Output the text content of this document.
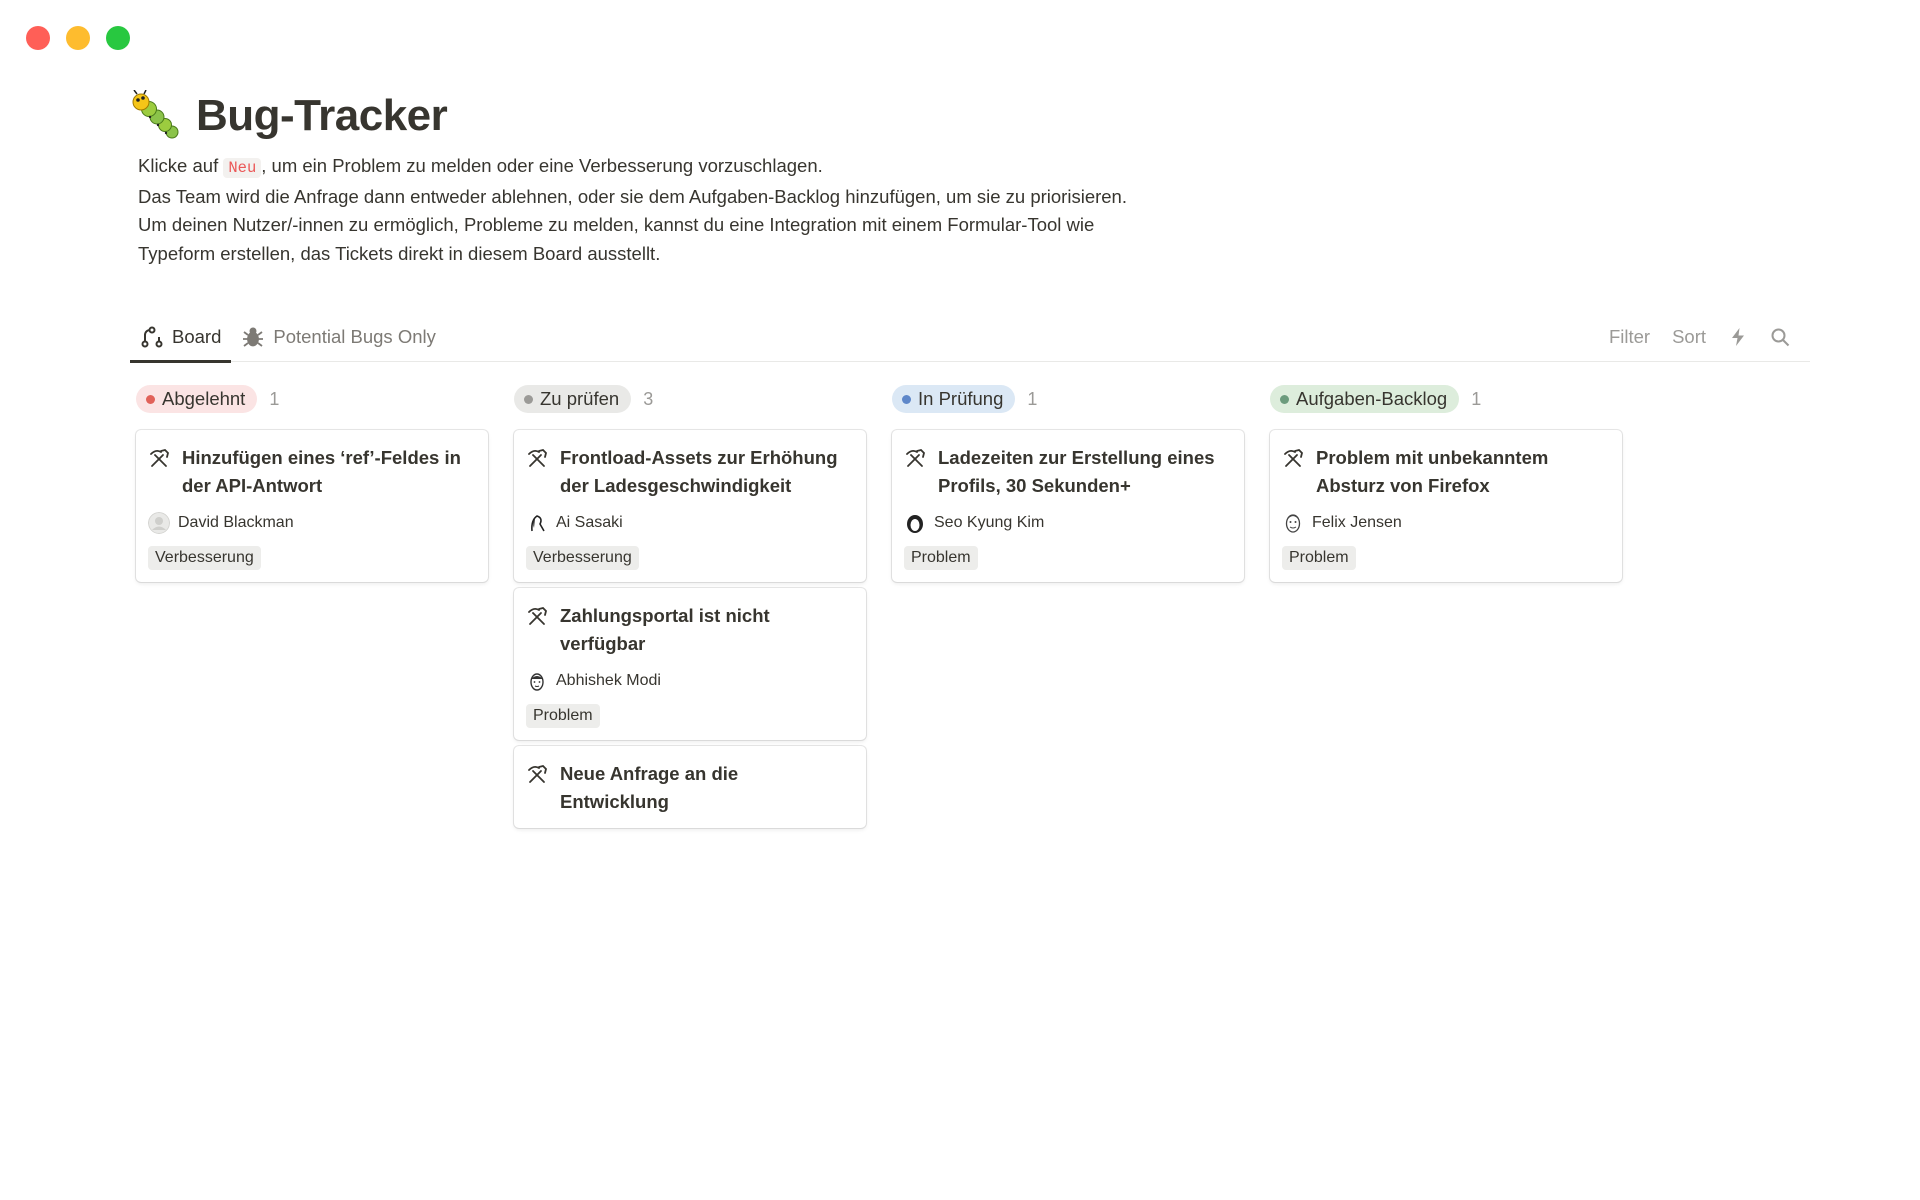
Bug-Tracker

Klicke auf Neu , um ein Problem zu melden oder eine Verbesserung vorzuschlagen.

Das Team wird die Anfrage dann entweder ablehnen, oder sie dem Aufgaben-Backlog hinzufügen, um sie zu priorisieren.

Um deinen Nutzer/-innen zu ermöglich, Probleme zu melden, kannst du eine Integration mit einem Formular-Tool wie Typeform erstellen, das Tickets direkt in diesem Board ausstellt.

Board	Potential Bugs Only	Filter Sort
Abgelehnt 1
Hinzufügen eines ‘ref’-Feldes in der API-Antwort
David Blackman
Verbesserung
Zu prüfen 3
Frontload-Assets zur Erhöhung der Ladesgeschwindigkeit
Ai Sasaki
Verbesserung
Zahlungsportal ist nicht verfügbar
Abhishek Modi
Problem
Neue Anfrage an die Entwicklung
In Prüfung 1
Ladezeiten zur Erstellung eines Profils, 30 Sekunden+
Seo Kyung Kim
Problem
Aufgaben-Backlog 1
Problem mit unbekanntem Absturz von Firefox
Felix Jensen
Problem
